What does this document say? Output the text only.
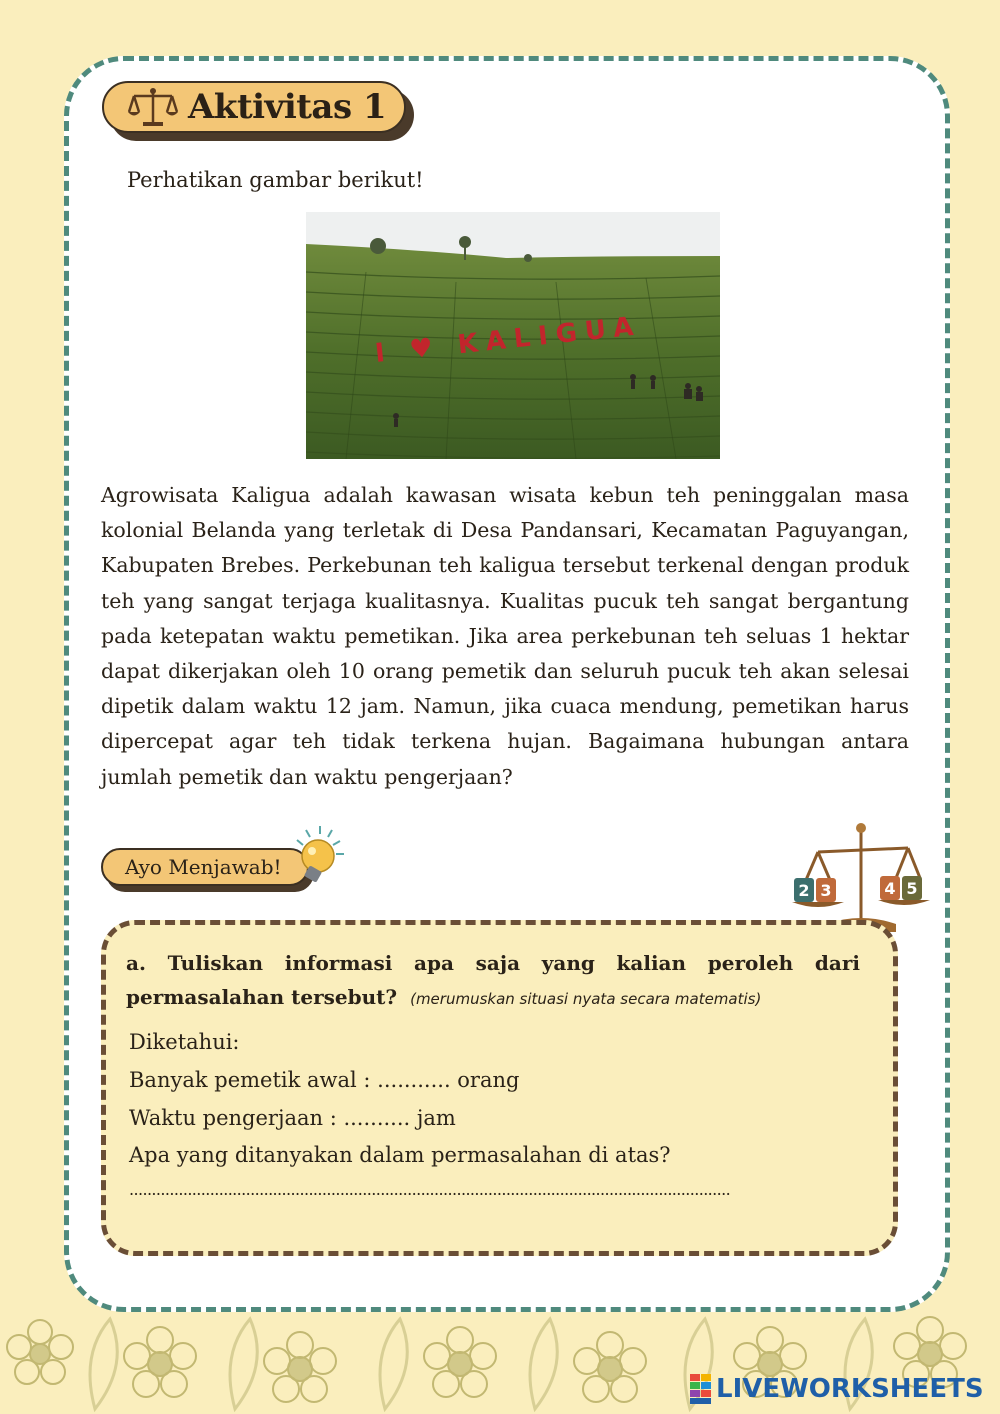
Aktivitas 1
Perhatikan gambar berikut!
I ♥ KALIGUA

Agrowisata Kaligua adalah kawasan wisata kebun teh peninggalan masa kolonial Belanda yang terletak di Desa Pandansari, Kecamatan Paguyangan, Kabupaten Brebes. Perkebunan teh kaligua tersebut terkenal dengan produk teh yang sangat terjaga kualitasnya. Kualitas pucuk teh sangat bergantung pada ketepatan waktu pemetikan. Jika area perkebunan teh seluas 1 hektar dapat dikerjakan oleh 10 orang pemetik dan seluruh pucuk teh akan selesai dipetik dalam waktu 12 jam. Namun, jika cuaca mendung, pemetikan harus dipercepat agar teh tidak terkena hujan. Bagaimana hubungan antara jumlah pemetik dan waktu pengerjaan?

Ayo Menjawab!
2 3	4 5

a. Tuliskan informasi apa saja yang kalian peroleh dari permasalahan tersebut? (merumuskan situasi nyata secara matematis)

Diketahui:
Banyak pemetik awal : ........... orang
Waktu pengerjaan : .......... jam
Apa yang ditanyakan dalam permasalahan di atas?
......................................................................................................................................
LIVEWORKSHEETS
